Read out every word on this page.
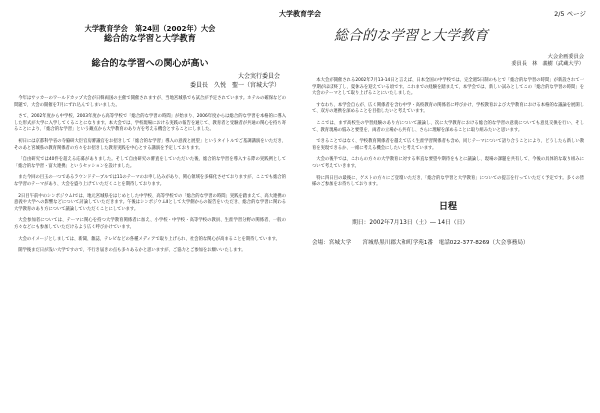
大学教育学会	2/5 ページ
大学教育学会　第24回（2002年）大会
総合的な学習と大学教育
総合的な学習への関心が高い
大会実行委員会
委員長　久悦　聖一（宮城大学）

今年はサッカーのワールドカップ大会が日韓両国の主催で開催されますが、当地宮城県でも試合が予定されています。ホテルの確保などの問題で、大会の開催を7月にずれ込んでしまいました。

さて、2002年度から中学校、2003年度から高等学校で「総合的な学習の時間」が始まり、2006年度からは総合的な学習を本格的に導入した形式が大学に入学してくることになります。本大会では、学校現場における実践の報告を通じて、教育者と受験者が共通の関心を持ち寄ることにより、「総合的な学習」という観点から大学教育のあり方を考える機会とすることにしました。

初日には京都科学省の寺脇研大臣官房審議官をお招きして「総合的な学習」導入の意義と展望」というタイトルでご基調講演をいただき、そのあと宮城県の教育関係者の方々をお招きした教育実践を中心とする講演を予定しております。

「自由研究では40件を超える応募がありました。そして自由研究の審査をしていただいた後、総合的な学習を導入する際の実践例として「総合的な学習・富大連携」というセッションを設けました。

また今回の目玉の一つであるラウンドテーブルでは11のテーマのお申し込みがあり、関心領域を多様化させておりますが、ここでも総合的な学習のテーマがあり、大会を盛り上げていただくことを期待しております。

2日目午前中のシンポジウムⅠでは、地元宮城県をはじめとした中学校、高等学校での「総合的な学習の時間」実践を踏まえて、高大連携の意義や大学への影響などについて討論していただきます。午後はシンポジウムⅡとして大学側からの報告をいただき、総合的な学習に関わる大学教育のあり方について議論していただくことにしています。

大会参加者については、テーマに関心を持つ大学教育関係者に加え、小学校・中学校・高等学校の教員、生涯学習分野の関係者、一般の方々などにも参加していただけるよう広く呼びかけています。

大会のイメージとしましては、新聞、雑誌、テレビなどの各種メディアで取り上げられ、社会的な関心が高まることを期待しています。

開学後まだ日が浅い大学ですので、不行き届きの点も多々あるかと思いますが、ご協力とご参加をお願いいたします。

総合的な学習と大学教育
大会企画委員会
委員長　林　義樹（武蔵大学）

本大会が開催される2002年7月13-14日と言えば、日本全国の中学校では、完全週5日制のもとで「総合的な学習の時間」が新設されて一学期がほぼ終了し、夏休みを迎えている頃です。これまでの経験を踏まえて、本学会では、新しい試みとしてこの「総合的な学習の時間」を大会のテーマとして取り上げることにいたしました。

すなわち、本学会自らが、広く関係者を含む中学・高校教育の関係者に呼びかけ、学校教育および大学教育における本格的な議論を展開して、双方の連携を深めることを目指したいと考えています。

ここでは、まず高校生の学習経験のあり方について議論し、次に大学教育における総合的な学習の意義についても意見交換を行い、そして、教育現場の悩みと要望を、両者の立場から共有し、さらに理解を深めることに取り組みたいと思います。

できることではなく、学校教育関係者を越えて広く生涯学習関係者も含め、同じテーマについて語り合うことにより、どうしたら新しい教育を実現できるか、一緒に考える機会にしたいと考えています。

大会の後半では、これらの方々の大学教育に対する率直な要望や期待をもとに議論し、現場の課題を共有して、今後の具体的な取り組みについて考えていきます。

特に四日目の最後に、ゲストの方々にご登壇いただき、「総合的な学習と大学教育」についての提言を行っていただく予定です。多くの皆様のご参加をお待ちしております。

日程
期日：2002年7月13日（土）― 14日（日）
会場：宮城大学　　宮城県黒川郡大和町学苑1番　電話022-377-8269（大会事務局）
